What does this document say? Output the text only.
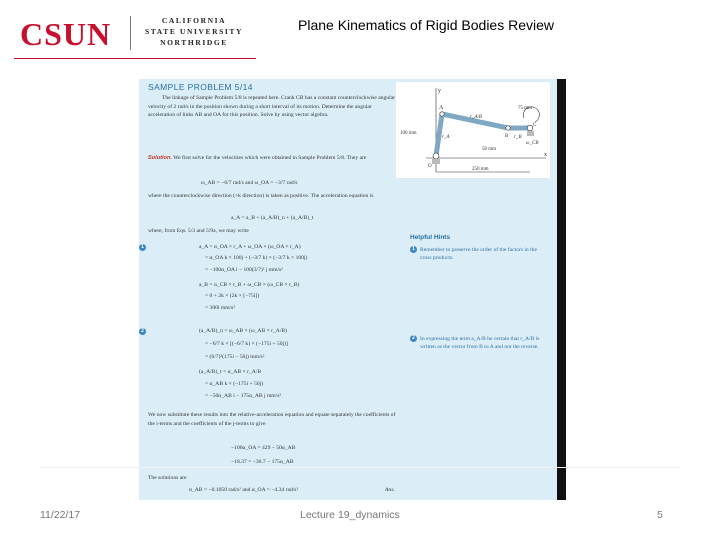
CSUN	CALIFORNIA
STATE UNIVERSITY
NORTHRIDGE
Plane Kinematics of Rigid Bodies Review
SAMPLE PROBLEM 5/14
The linkage of Sample Problem 5/8 is repeated here. Crank CB has a constant counterclockwise angular velocity of 2 rad/s in the position shown during a short interval of its motion. Determine the angular acceleration of links AB and OA for this position. Solve by using vector algebra.
y
x
A
B
C
O
r_A/B
r_A	r_B
ω_CB
100 mm
75 mm
50 mm
250 mm
Solution. We first solve for the velocities which were obtained in Sample Problem 5/8. They are
ω_AB = −6/7 rad/s and ω_OA = −3/7 rad/s
where the counterclockwise direction (+k direction) is taken as positive. The acceleration equation is
a_A = a_B + (a_A/B)_n + (a_A/B)_t
where, from Eqs. 5/3 and 5/9a, we may write
1	a_A = α_OA × r_A + ω_OA × (ω_OA × r_A)
= α_OA k × 100j + (−3/7 k) × (−3/7 k × 100j)
= −100α_OA i − 100(3/7)² j mm/s²
a_B = α_CB × r_B + ω_CB × (ω_CB × r_B)
= 0 + 2k × (2k × [−75i])
= 300i mm/s²
2	(a_A/B)_n = ω_AB × (ω_AB × r_A/B)
= −6/7 k × [(−6/7 k) × (−175i + 50j)]
= (6/7)²(175i − 50j) mm/s²
(a_A/B)_t = α_AB × r_A/B
= α_AB k × (−175i + 50j)
= −50α_AB i − 175α_AB j mm/s²
We now substitute these results into the relative-acceleration equation and equate separately the coefficients of the i-terms and the coefficients of the j-terms to give
−100α_OA = 429 − 50α_AB
−18.37 = −36.7 − 175α_AB
The solutions are
α_AB = −0.1050 rad/s² and α_OA = −4.34 rad/s²	Ans.
Helpful Hints
1 Remember to preserve the order of the factors in the cross products.
2 In expressing the term a_A/B be certain that r_A/B is written as the vector from B to A and not the reverse.
11/22/17	Lecture 19_dynamics	5
